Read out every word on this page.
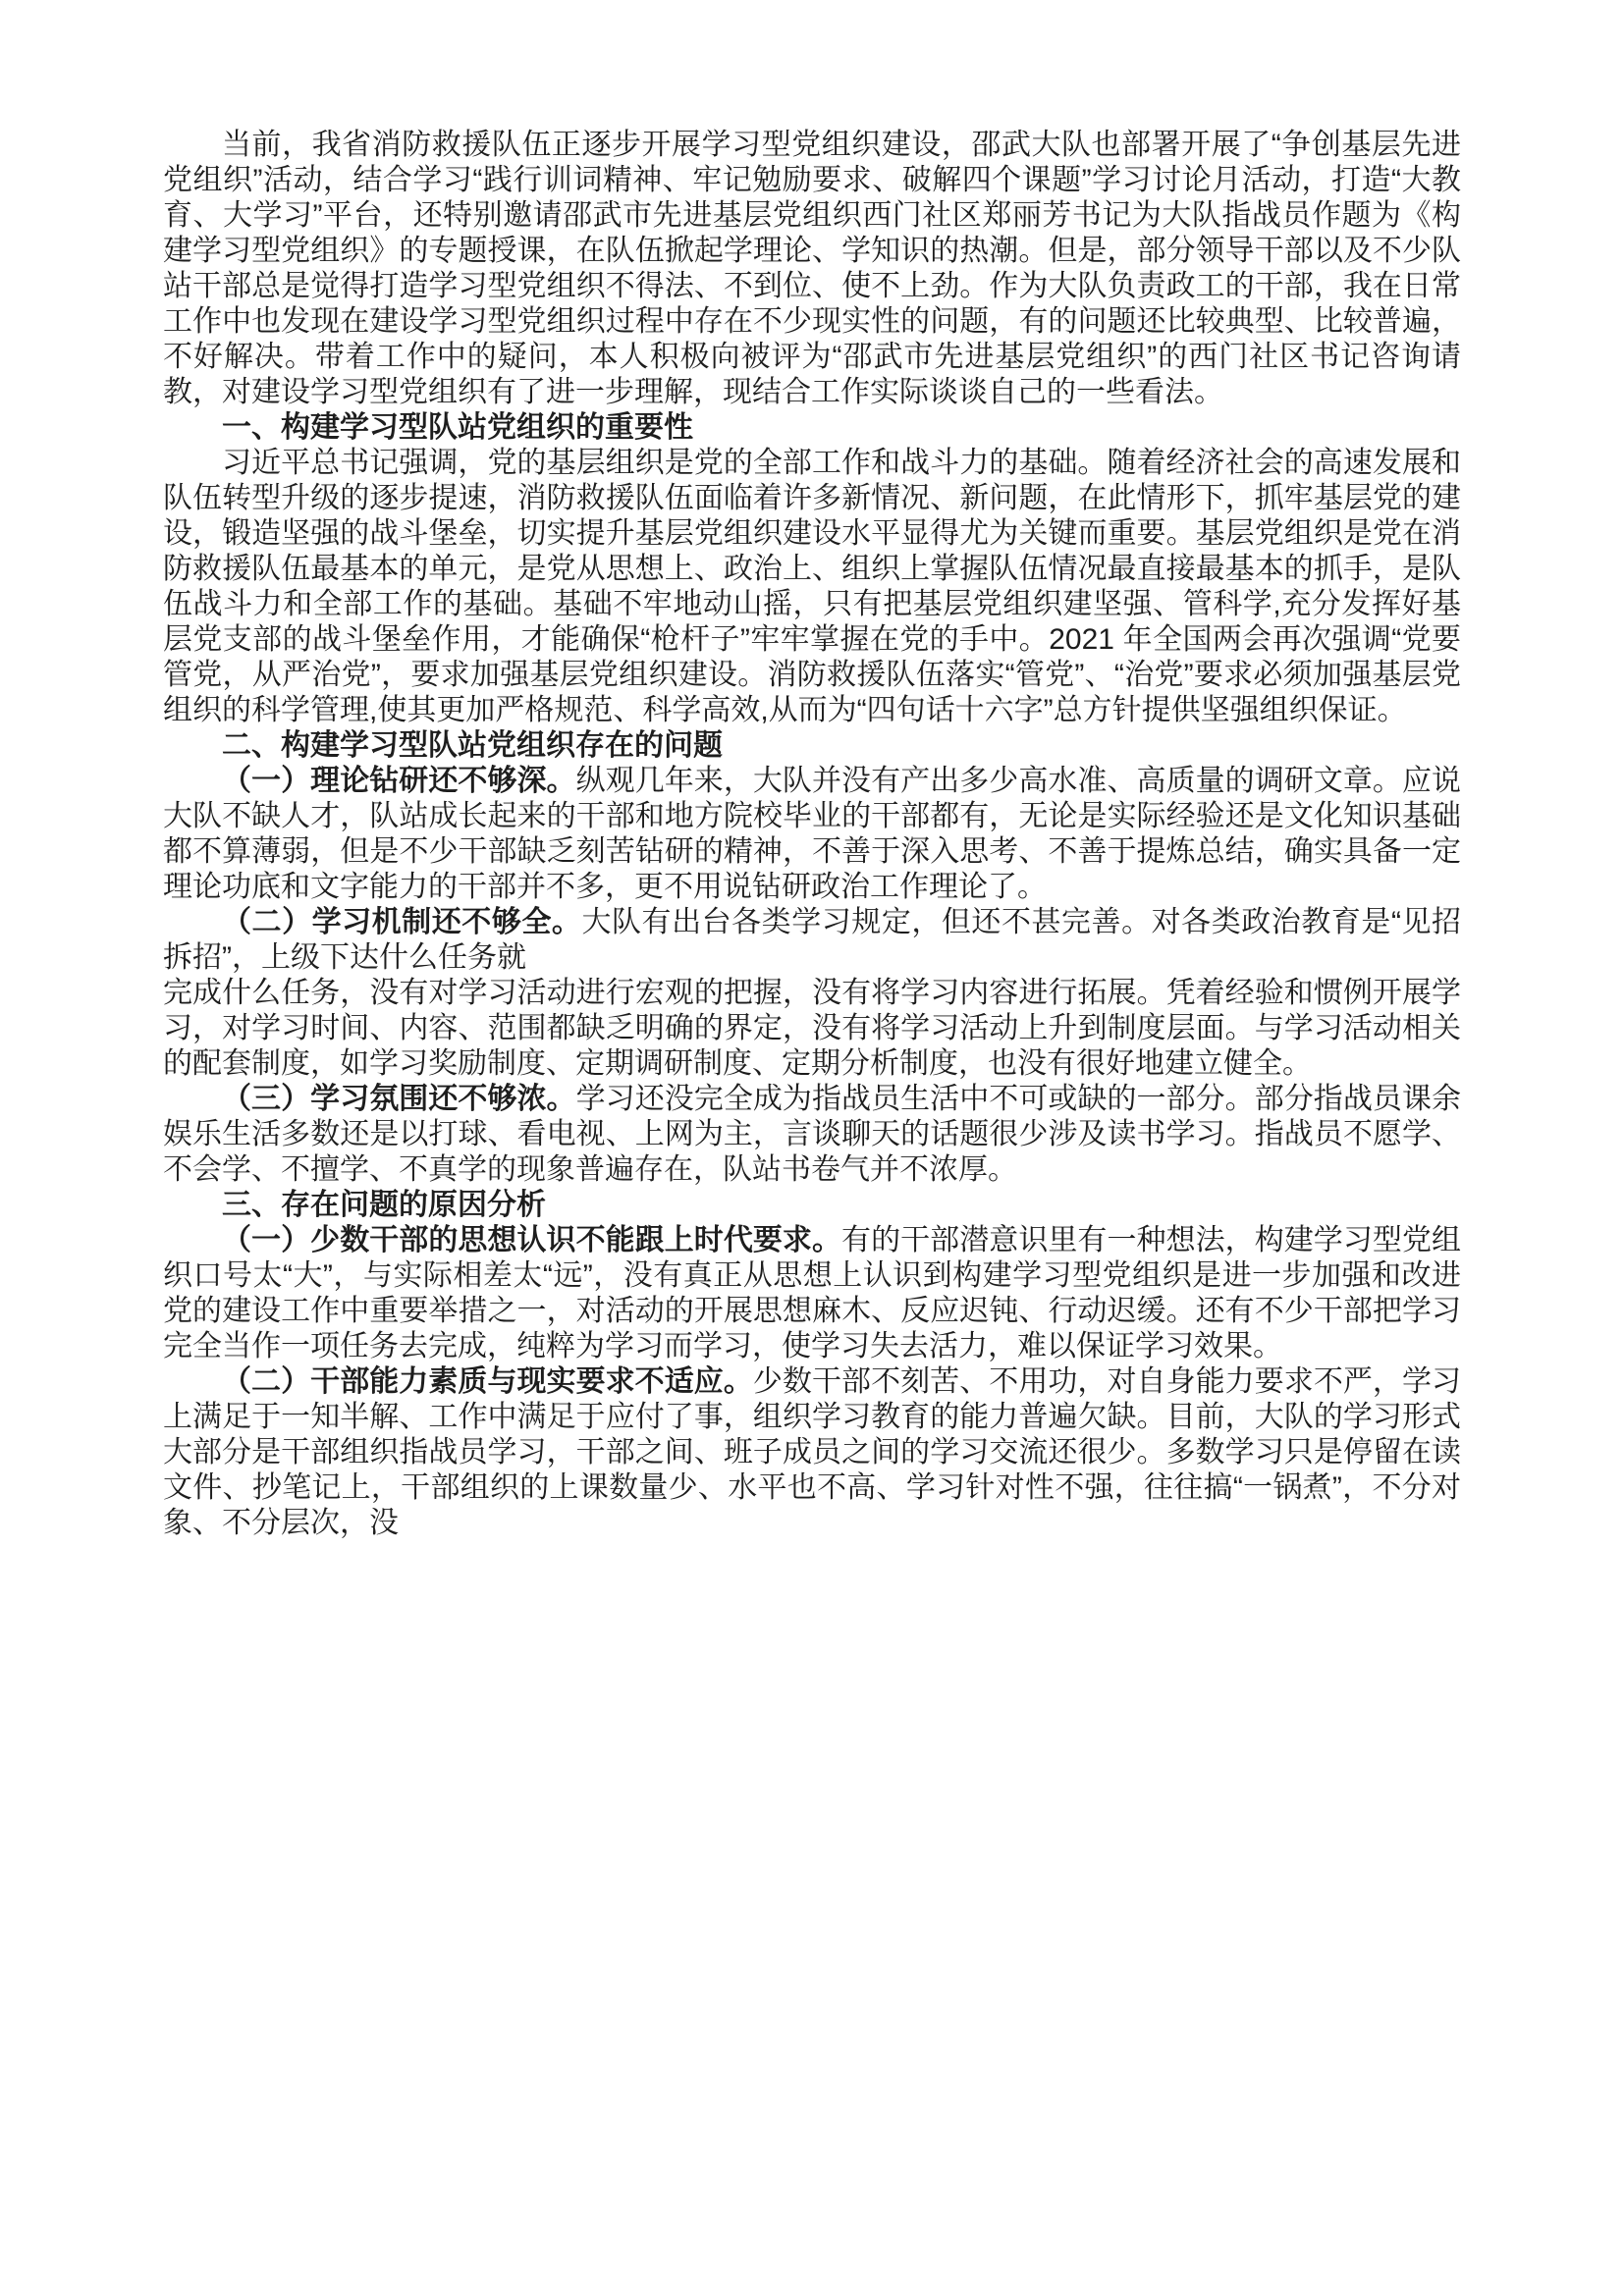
当前，我省消防救援队伍正逐步开展学习型党组织建设，邵武大队也部署开展了“争创基层先进党组织”活动，结合学习“践行训词精神、牢记勉励要求、破解四个课题”学习讨论月活动，打造“大教育、大学习”平台，还特别邀请邵武市先进基层党组织西门社区郑丽芳书记为大队指战员作题为《构建学习型党组织》的专题授课，在队伍掀起学理论、学知识的热潮。但是，部分领导干部以及不少队站干部总是觉得打造学习型党组织不得法、不到位、使不上劲。作为大队负责政工的干部，我在日常工作中也发现在建设学习型党组织过程中存在不少现实性的问题，有的问题还比较典型、比较普遍，不好解决。带着工作中的疑问，本人积极向被评为“邵武市先进基层党组织”的西门社区书记咨询请教，对建设学习型党组织有了进一步理解，现结合工作实际谈谈自己的一些看法。

一、构建学习型队站党组织的重要性

习近平总书记强调，党的基层组织是党的全部工作和战斗力的基础。随着经济社会的高速发展和队伍转型升级的逐步提速，消防救援队伍面临着许多新情况、新问题，在此情形下，抓牢基层党的建设，锻造坚强的战斗堡垒，切实提升基层党组织建设水平显得尤为关键而重要。基层党组织是党在消防救援队伍最基本的单元，是党从思想上、政治上、组织上掌握队伍情况最直接最基本的抓手，是队伍战斗力和全部工作的基础。基础不牢地动山摇，只有把基层党组织建坚强、管科学,充分发挥好基层党支部的战斗堡垒作用，才能确保“枪杆子”牢牢掌握在党的手中。2021 年全国两会再次强调“党要管党，从严治党”，要求加强基层党组织建设。消防救援队伍落实“管党”、“治党”要求必须加强基层党组织的科学管理,使其更加严格规范、科学高效,从而为“四句话十六字”总方针提供坚强组织保证。

二、构建学习型队站党组织存在的问题

（一）理论钻研还不够深。纵观几年来，大队并没有产出多少高水准、高质量的调研文章。应说大队不缺人才，队站成长起来的干部和地方院校毕业的干部都有，无论是实际经验还是文化知识基础都不算薄弱，但是不少干部缺乏刻苦钻研的精神，不善于深入思考、不善于提炼总结，确实具备一定理论功底和文字能力的干部并不多，更不用说钻研政治工作理论了。

（二）学习机制还不够全。大队有出台各类学习规定，但还不甚完善。对各类政治教育是“见招拆招”，上级下达什么任务就

完成什么任务，没有对学习活动进行宏观的把握，没有将学习内容进行拓展。凭着经验和惯例开展学习，对学习时间、内容、范围都缺乏明确的界定，没有将学习活动上升到制度层面。与学习活动相关的配套制度，如学习奖励制度、定期调研制度、定期分析制度，也没有很好地建立健全。

（三）学习氛围还不够浓。学习还没完全成为指战员生活中不可或缺的一部分。部分指战员课余娱乐生活多数还是以打球、看电视、上网为主，言谈聊天的话题很少涉及读书学习。指战员不愿学、不会学、不擅学、不真学的现象普遍存在，队站书卷气并不浓厚。

三、存在问题的原因分析

（一）少数干部的思想认识不能跟上时代要求。有的干部潜意识里有一种想法，构建学习型党组织口号太“大”，与实际相差太“远”，没有真正从思想上认识到构建学习型党组织是进一步加强和改进党的建设工作中重要举措之一，对活动的开展思想麻木、反应迟钝、行动迟缓。还有不少干部把学习完全当作一项任务去完成，纯粹为学习而学习，使学习失去活力，难以保证学习效果。

（二）干部能力素质与现实要求不适应。少数干部不刻苦、不用功，对自身能力要求不严，学习上满足于一知半解、工作中满足于应付了事，组织学习教育的能力普遍欠缺。目前，大队的学习形式大部分是干部组织指战员学习，干部之间、班子成员之间的学习交流还很少。多数学习只是停留在读文件、抄笔记上，干部组织的上课数量少、水平也不高、学习针对性不强，往往搞“一锅煮”，不分对象、不分层次，没
